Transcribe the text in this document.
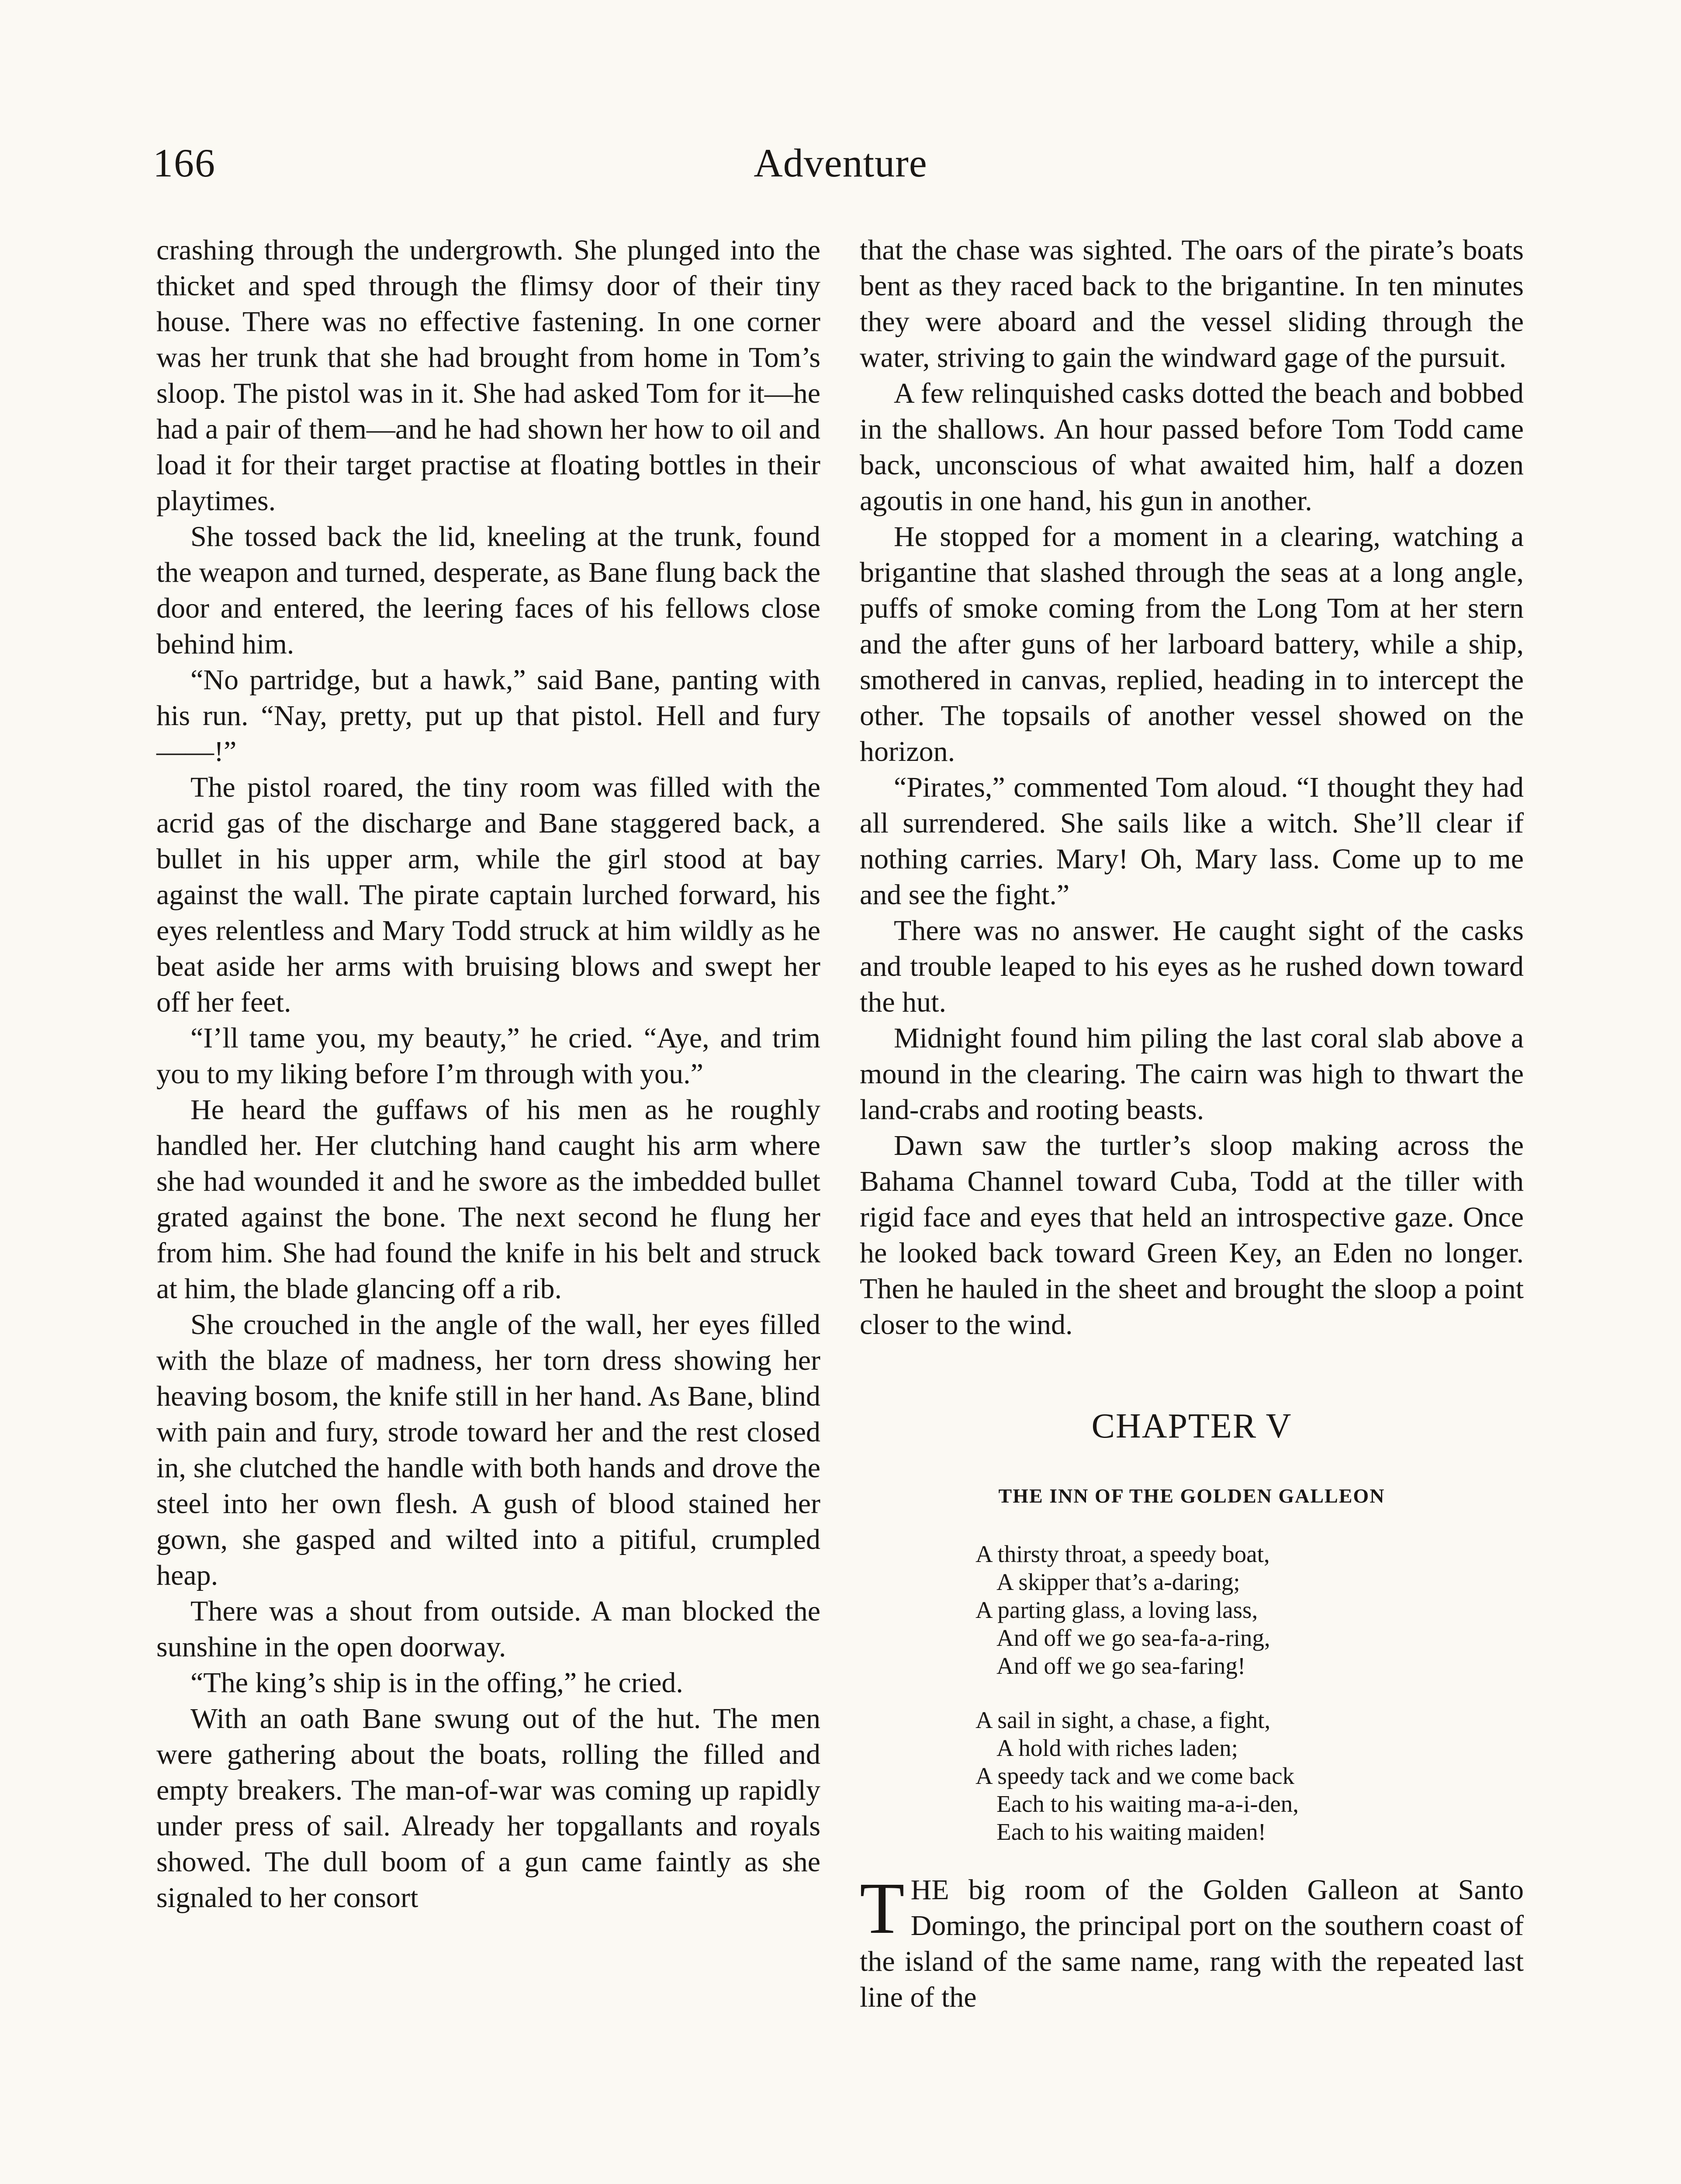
166	Adventure

crashing through the undergrowth. She plunged into the thicket and sped through the flimsy door of their tiny house. There was no effective fastening. In one corner was her trunk that she had brought from home in Tom’s sloop. The pistol was in it. She had asked Tom for it—he had a pair of them—and he had shown her how to oil and load it for their target practise at floating bottles in their playtimes.

She tossed back the lid, kneeling at the trunk, found the weapon and turned, desperate, as Bane flung back the door and entered, the leering faces of his fellows close behind him.

“No partridge, but a hawk,” said Bane, panting with his run. “Nay, pretty, put up that pistol. Hell and fury——!”

The pistol roared, the tiny room was filled with the acrid gas of the discharge and Bane staggered back, a bullet in his upper arm, while the girl stood at bay against the wall. The pirate captain lurched forward, his eyes relentless and Mary Todd struck at him wildly as he beat aside her arms with bruising blows and swept her off her feet.

“I’ll tame you, my beauty,” he cried. “Aye, and trim you to my liking before I’m through with you.”

He heard the guffaws of his men as he roughly handled her. Her clutching hand caught his arm where she had wounded it and he swore as the imbedded bullet grated against the bone. The next second he flung her from him. She had found the knife in his belt and struck at him, the blade glancing off a rib.

She crouched in the angle of the wall, her eyes filled with the blaze of madness, her torn dress showing her heaving bosom, the knife still in her hand. As Bane, blind with pain and fury, strode toward her and the rest closed in, she clutched the handle with both hands and drove the steel into her own flesh. A gush of blood stained her gown, she gasped and wilted into a pitiful, crumpled heap.

There was a shout from outside. A man blocked the sunshine in the open doorway.

“The king’s ship is in the offing,” he cried.

With an oath Bane swung out of the hut. The men were gathering about the boats, rolling the filled and empty breakers. The man-of-war was coming up rapidly under press of sail. Already her topgallants and royals showed. The dull boom of a gun came faintly as she signaled to her consort

that the chase was sighted. The oars of the pirate’s boats bent as they raced back to the brigantine. In ten minutes they were aboard and the vessel sliding through the water, striving to gain the windward gage of the pursuit.

A few relinquished casks dotted the beach and bobbed in the shallows. An hour passed before Tom Todd came back, unconscious of what awaited him, half a dozen agoutis in one hand, his gun in another.

He stopped for a moment in a clearing, watching a brigantine that slashed through the seas at a long angle, puffs of smoke coming from the Long Tom at her stern and the after guns of her larboard battery, while a ship, smothered in canvas, replied, heading in to intercept the other. The topsails of another vessel showed on the horizon.

“Pirates,” commented Tom aloud. “I thought they had all surrendered. She sails like a witch. She’ll clear if nothing carries. Mary! Oh, Mary lass. Come up to me and see the fight.”

There was no answer. He caught sight of the casks and trouble leaped to his eyes as he rushed down toward the hut.

Midnight found him piling the last coral slab above a mound in the clearing. The cairn was high to thwart the land-crabs and rooting beasts.

Dawn saw the turtler’s sloop making across the Bahama Channel toward Cuba, Todd at the tiller with rigid face and eyes that held an introspective gaze. Once he looked back toward Green Key, an Eden no longer. Then he hauled in the sheet and brought the sloop a point closer to the wind.

CHAPTER V
THE INN OF THE GOLDEN GALLEON
A thirsty throat, a speedy boat,
A skipper that’s a-daring;
A parting glass, a loving lass,
And off we go sea-fa-a-ring,
And off we go sea-faring!
A sail in sight, a chase, a fight,
A hold with riches laden;
A speedy tack and we come back
Each to his waiting ma-a-i-den,
Each to his waiting maiden!

THE big room of the Golden Galleon at Santo Domingo, the principal port on the southern coast of the island of the same name, rang with the repeated last line of the
